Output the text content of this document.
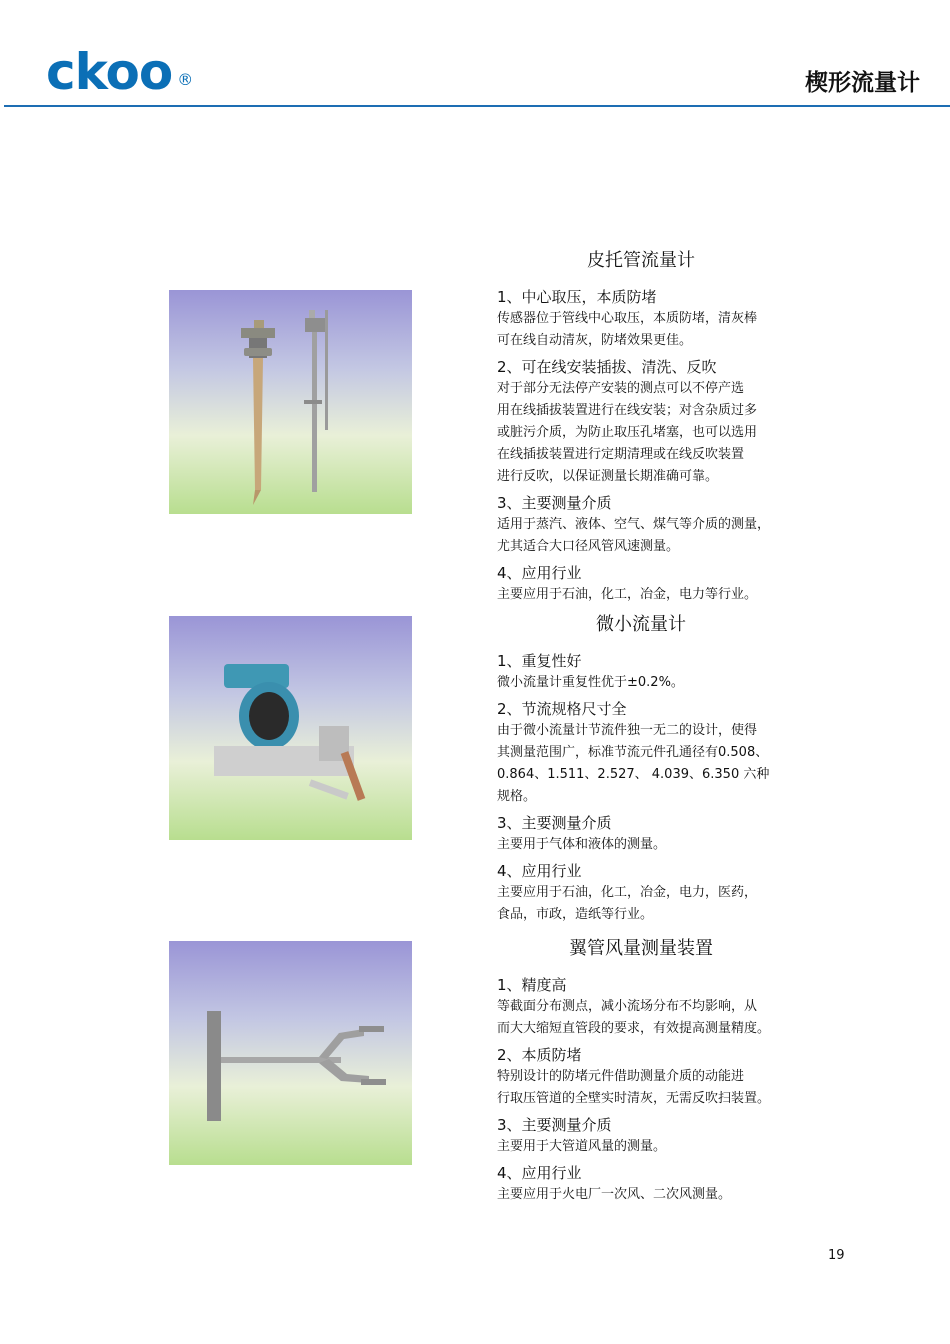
ckoo ®	楔形流量计
皮托管流量计
1、中心取压，本质防堵

传感器位于管线中心取压，本质防堵，清灰棒

可在线自动清灰，防堵效果更佳。

2、可在线安装插拔、清洗、反吹

对于部分无法停产安装的测点可以不停产选

用在线插拔装置进行在线安装；对含杂质过多

或脏污介质，为防止取压孔堵塞，也可以选用

在线插拔装置进行定期清理或在线反吹装置

进行反吹，以保证测量长期准确可靠。

3、主要测量介质

适用于蒸汽、液体、空气、煤气等介质的测量，

尤其适合大口径风管风速测量。

4、应用行业

主要应用于石油，化工，冶金，电力等行业。

微小流量计
1、重复性好

微小流量计重复性优于±0.2%。

2、节流规格尺寸全

由于微小流量计节流件独一无二的设计，使得

其测量范围广，标准节流元件孔通径有0.508、

0.864、1.511、2.527、 4.039、6.350 六种

规格。

3、主要测量介质

主要用于气体和液体的测量。

4、应用行业

主要应用于石油，化工，冶金，电力，医药，

食品，市政，造纸等行业。

翼管风量测量装置
1、精度高

等截面分布测点，减小流场分布不均影响，从

而大大缩短直管段的要求，有效提高测量精度。

2、本质防堵

特别设计的防堵元件借助测量介质的动能进

行取压管道的全壁实时清灰，无需反吹扫装置。

3、主要测量介质

主要用于大管道风量的测量。

4、应用行业

主要应用于火电厂一次风、二次风测量。

19
